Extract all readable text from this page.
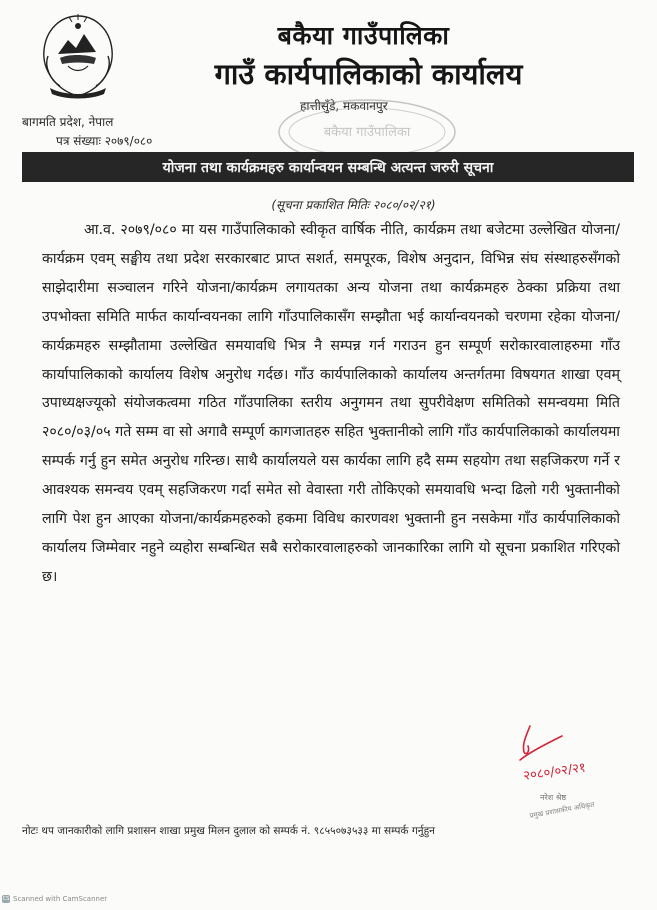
बकैया गाउँपालिका
गाउँ कार्यपालिकाको कार्यालय
हात्तीसुँडे, मकवानपुर
बागमति प्रदेश, नेपाल
पत्र संख्याः २०७९/०८०
बकैया गाउँपालिका
योजना तथा कार्यक्रमहरु कार्यान्वयन सम्बन्धि अत्यन्त जरुरी सूचना
(सूचना प्रकाशित मितिः २०८०/०२/२१)
आ.व. २०७९/०८० मा यस गाउँपालिकाको स्वीकृत वार्षिक नीति, कार्यक्रम तथा बजेटमा उल्लेखित योजना/कार्यक्रम एवम् सङ्घीय तथा प्रदेश सरकारबाट प्राप्त सशर्त, समपूरक, विशेष अनुदान, विभिन्न संघ संस्थाहरुसँगको साझेदारीमा सञ्चालन गरिने योजना/कार्यक्रम लगायतका अन्य योजना तथा कार्यक्रमहरु ठेक्का प्रक्रिया तथा उपभोक्ता समिति मार्फत कार्यान्वयनका लागि गाँउपालिकासँग सम्झौता भई कार्यान्वयनको चरणमा रहेका योजना/कार्यक्रमहरु सम्झौतामा उल्लेखित समयावधि भित्र नै सम्पन्न गर्न गराउन हुन सम्पूर्ण सरोकारवालाहरुमा गाँउ कार्यापालिकाको कार्यालय विशेष अनुरोध गर्दछ। गाँउ कार्यपालिकाको कार्यालय अन्तर्गतमा विषयगत शाखा एवम् उपाध्यक्षज्यूको संयोजकत्वमा गठित गाँउपालिका स्तरीय अनुगमन तथा सुपरीवेक्षण समितिको समन्वयमा मिति २०८०/०३/०५ गते सम्म वा सो अगावै सम्पूर्ण कागजातहरु सहित भुक्तानीको लागि गाँउ कार्यपालिकाको कार्यालयमा सम्पर्क गर्नु हुन समेत अनुरोध गरिन्छ। साथै कार्यालयले यस कार्यका लागि हदै सम्म सहयोग तथा सहजिकरण गर्ने र आवश्यक समन्वय एवम् सहजिकरण गर्दा समेत सो वेवास्ता गरी तोकिएको समयावधि भन्दा ढिलो गरी भुक्तानीको लागि पेश हुन आएका योजना/कार्यक्रमहरुको हकमा विविध कारणवश भुक्तानी हुन नसकेमा गाँउ कार्यपालिकाको कार्यालय जिम्मेवार नहुने व्यहोरा सम्बन्धित सबै सरोकारवालाहरुको जानकारिका लागि यो सूचना प्रकाशित गरिएको छ।
२०८०/०२/२१
नरेश श्रेष्ठ
प्रमुख प्रशासकीय अधिकृत
नोटः थप जानकारीको लागि प्रशासन शाखा प्रमुख मिलन दुलाल को सम्पर्क नं. ९८५५०७३५३३ मा सम्पर्क गर्नुहुन
CS Scanned with CamScanner
